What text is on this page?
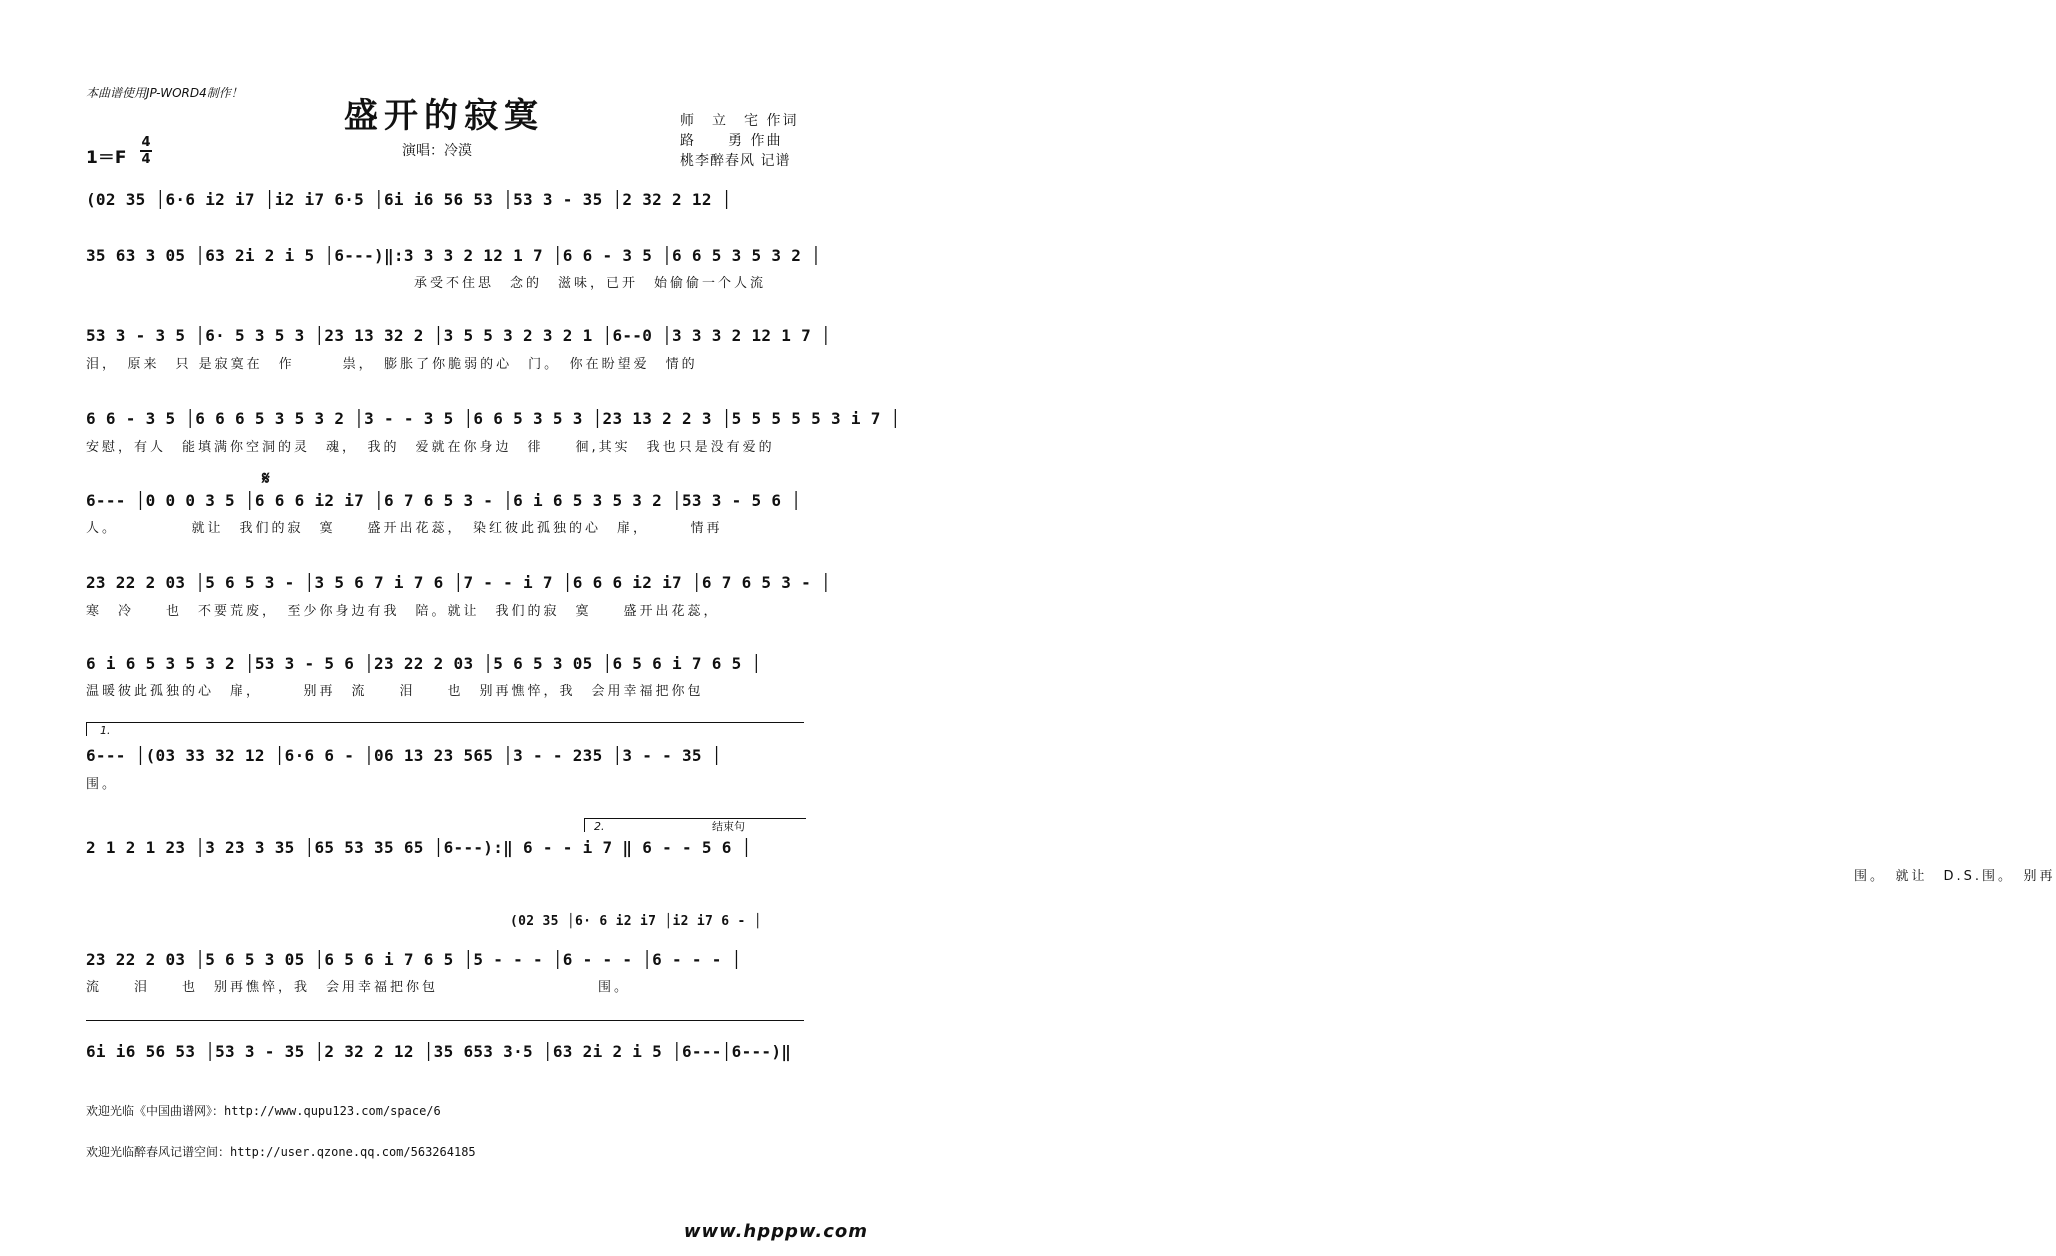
本曲谱使用JP-WORD4制作！
盛开的寂寞	师　立　宅 作词
路　　勇 作曲
桃李醉春风 记谱
1＝F
4
4
演唱：冷漠
(02 35 │6·6 i2 i7 │i2 i7 6·5 │6i i6 56 53 │53 3 - 35 │2 32 2 12 │
35 63 3 05 │63 2i 2 i 5 │6---)‖:3 3 3 2 12 1 7 │6 6 - 3 5 │6 6 5 3 5 3 2 │
承受不住思　念的　滋味，已开　始偷偷一个人流
53 3 - 3 5 │6· 5 3 5 3 │23 13 32 2 │3 5 5 3 2 3 2 1 │6--0 │3 3 3 2 12 1 7 │
泪，　原来　只 是寂寞在　作　　　祟，　膨胀了你脆弱的心　门。　你在盼望爱　情的
6 6 - 3 5 │6 6 6 5 3 5 3 2 │3 - - 3 5 │6 6 5 3 5 3 │23 13 2 2 3 │5 5 5 5 5 3 i 7 │
安慰，有人　能填满你空洞的灵　魂，　我的　爱就在你身边　徘　　徊,其实　我也只是没有爱的
𝄋
6--- │0 0 0 3 5 │6 6 6 i2 i7 │6 7 6 5 3 - │6 i 6 5 3 5 3 2 │53 3 - 5 6 │
人。　　　　　就让　我们的寂　寞　　盛开出花蕊，　染红彼此孤独的心　扉，　　　情再
23 22 2 03 │5 6 5 3 - │3 5 6 7 i 7 6 │7 - - i 7 │6 6 6 i2 i7 │6 7 6 5 3 - │
寒　冷　　也　不要荒废，　至少你身边有我　陪。就让　我们的寂　寞　　盛开出花蕊，
6 i 6 5 3 5 3 2 │53 3 - 5 6 │23 22 2 03 │5 6 5 3 05 │6 5 6 i 7 6 5 │
温暖彼此孤独的心　扉，　　　别再　流　　泪　　也　别再憔悴，我　会用幸福把你包
1.
6--- │(03 33 32 12 │6·6 6 - │06 13 23 565 │3 - - 235 │3 - - 35 │
围。
2.	结束句
2 1 2 1 23 │3 23 3 35 │65 53 35 65 │6---):‖ 6 - - i 7 ‖ 6 - - 5 6 │
　　　　　　　　　　　　　　　　　　　　　　　　　　　　　　　　　　　　　　　　　　　　　　　　　　　　　　　　　　　　　　　　　　　　　　　　　　　　　　　围。　就让　D.S.围。　别再
(02 35 │6· 6 i2 i7 │i2 i7 6 - │
23 22 2 03 │5 6 5 3 05 │6 5 6 i 7 6 5 │5 - - - │6 - - - │6 - - - │
流　　泪　　也　别再憔悴，我　会用幸福把你包　　　　　　　　　　围。
6i i6 56 53 │53 3 - 35 │2 32 2 12 │35 653 3·5 │63 2i 2 i 5 │6---│6---)‖
欢迎光临《中国曲谱网》：http://www.qupu123.com/space/6
欢迎光临醉春风记谱空间：http://user.qzone.qq.com/563264185
www.hpppw.com
